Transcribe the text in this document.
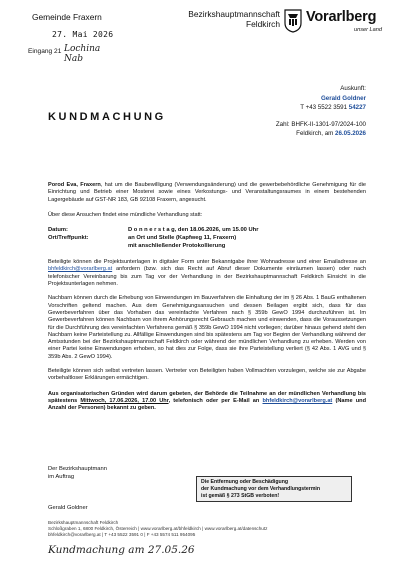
Gemeinde Fraxern
27. Mai 2026
Eingang 21 Lochina Nab
Bezirkshauptmannschaft
Feldkirch Vorarlberg
unser Land
Auskunft:
Gerald Goldner
T +43 5522 3591 54227
Zahl: BHFK-II-1301-97/2024-100
Feldkirch, am 26.05.2026
KUNDMACHUNG
Porod Eva, Fraxern, hat um die Baubewilligung (Verwendungsänderung) und die gewerbebehördliche Genehmigung für die Einrichtung und Betrieb einer Mosterei sowie eines Verkostungs- und Veranstaltungsraumes in einem bestehenden Lagergebäude auf GST-NR 183, GB 92108 Fraxern, angesucht.
Über diese Ansuchen findet eine mündliche Verhandlung statt:
Datum:	D o n n e r s t a g, den 18.06.2026, um 15.00 Uhr
Ort/Treffpunkt:	an Ort und Stelle (Kapfweg 11, Fraxern)
mit anschließender Protokollierung
Beteiligte können die Projektsunterlagen in digitaler Form unter Bekanntgabe ihrer Wohnadresse und einer Emailadresse an bhfeldkirch@vorarlberg.at anfordern (bzw. sich das Recht auf Abruf dieser Dokumente einräumen lassen) oder nach telefonischer Vereinbarung bis zum Tag vor der Verhandlung in der Bezirkshauptmannschaft Feldkirch Einsicht in die Projektsunterlagen nehmen.
Nachbarn können durch die Erhebung von Einwendungen im Bauverfahren die Einhaltung der im § 26 Abs. 1 BauG enthaltenen Vorschriften geltend machen. Aus dem Genehmigungsansuchen und dessen Beilagen ergibt sich, dass für das Gewerbeverfahren über das Vorhaben das vereinfachte Verfahren nach § 359b GewO 1994 durchzuführen ist. Im Gewerbeverfahren können Nachbarn von ihrem Anhörungsrecht Gebrauch machen und einwenden, dass die Voraussetzungen für die Durchführung des vereinfachten Verfahrens gemäß § 359b GewO 1994 nicht vorliegen; darüber hinaus gehend steht den Nachbarn keine Parteistellung zu. Allfällige Einwendungen sind bis spätestens am Tag vor Beginn der Verhandlung während der Amtsstunden bei der Bezirkshauptmannschaft Feldkirch oder während der mündlichen Verhandlung zu erheben. Werden von einer Partei keine Einwendungen erhoben, so hat dies zur Folge, dass sie ihre Parteistellung verliert (§ 42 Abs. 1 AVG und § 359b Abs. 2 GewO 1994).
Beteiligte können sich selbst vertreten lassen. Vertreter von Beteiligten haben Vollmachten vorzulegen, welche sie zur Abgabe vorbehaltloser Erklärungen ermächtigen.
Aus organisatorischen Gründen wird darum gebeten, der Behörde die Teilnahme an der mündlichen Verhandlung bis spätestens Mittwoch, 17.06.2026, 17.00 Uhr, telefonisch oder per E-Mail an bhfeldkirch@vorarlberg.at (Name und Anzahl der Personen) bekannt zu geben.
Der Bezirkshauptmann
im Auftrag
Gerald Goldner
Die Entfernung oder Beschädigung
der Kundmachung vor dem Verhandlungstermin
ist gemäß § 273 StGB verboten!
Bezirkshauptmannschaft Feldkirch
Schloßgraben 1, 6800 Feldkirch, Österreich | www.vorarlberg.at/bhfeldkirch | www.vorarlberg.at/datenschutz
bhfeldkirch@vorarlberg.at | T +43 5522 3591 0 | F +43 5574 511 954095
Kundmachung am 27.05.26
